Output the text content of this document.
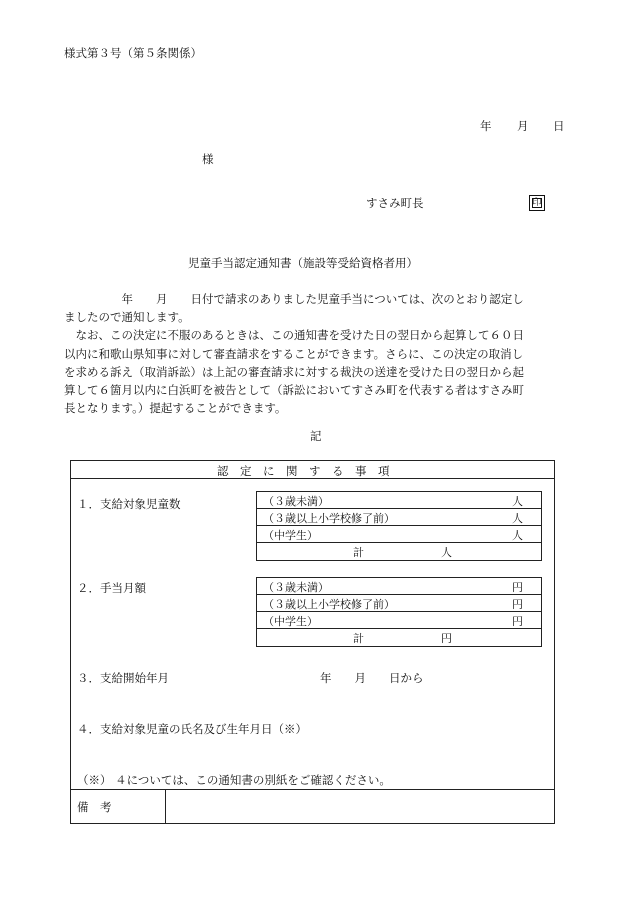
様式第３号（第５条関係）
年 月 日
様
すさみ町長	印
児童手当認定通知書（施設等受給資格者用）

　　　　　年　　月　　日付で請求のありました児童手当については、次のとおり認定し

ましたので通知します。

　なお、この決定に不服のあるときは、この通知書を受けた日の翌日から起算して６０日

以内に和歌山県知事に対して審査請求をすることができます。さらに、この決定の取消し

を求める訴え（取消訴訟）は上記の審査請求に対する裁決の送達を受けた日の翌日から起

算して６箇月以内に白浜町を被告として（訴訟においてすさみ町を代表する者はすさみ町

長となります。）提起することができます。

記
認　定　に　関　す　る　事　項
１．支給対象児童数	（３歳未満）	人
（３歳以上小学校修了前）	人
（中学生）	人
計	人
２．手当月額	（３歳未満）	円
（３歳以上小学校修了前）	円
（中学生）	円
計	円
３．支給開始年月	年　　月　　日から
４．支給対象児童の氏名及び生年月日（※）
（※） ４については、この通知書の別紙をご確認ください。
備　考
